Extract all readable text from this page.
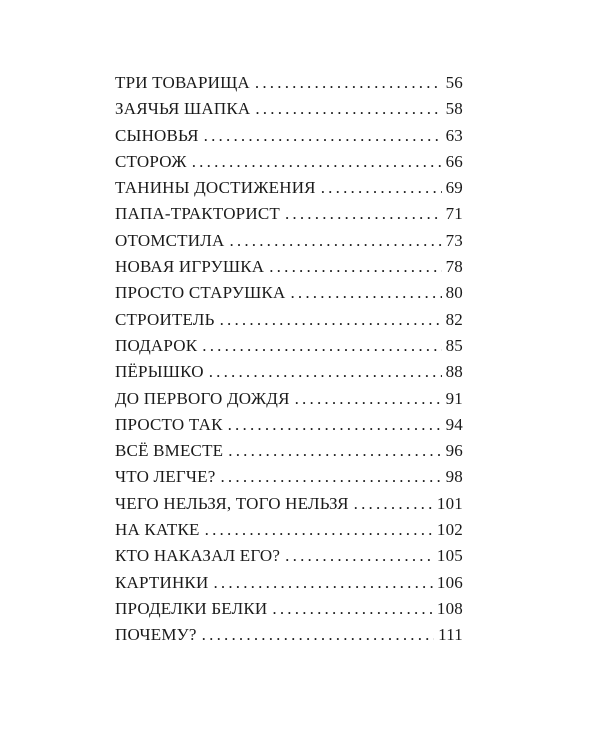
ТРИ ТОВАРИЩА .....	56
ЗАЯЧЬЯ ШАПКА .....	58
СЫНОВЬЯ .....	63
СТОРОЖ .....	66
ТАНИНЫ ДОСТИЖЕНИЯ .....	69
ПАПА-ТРАКТОРИСТ .....	71
ОТОМСТИЛА .....	73
НОВАЯ ИГРУШКА .....	78
ПРОСТО СТАРУШКА .....	80
СТРОИТЕЛЬ .....	82
ПОДАРОК .....	85
ПЁРЫШКО .....	88
ДО ПЕРВОГО ДОЖДЯ .....	91
ПРОСТО ТАК .....	94
ВСЁ ВМЕСТЕ .....	96
ЧТО ЛЕГЧЕ? .....	98
ЧЕГО НЕЛЬЗЯ, ТОГО НЕЛЬЗЯ .....	101
НА КАТКЕ .....	102
КТО НАКАЗАЛ ЕГО? .....	105
КАРТИНКИ .....	106
ПРОДЕЛКИ БЕЛКИ .....	108
ПОЧЕМУ? .....	111
